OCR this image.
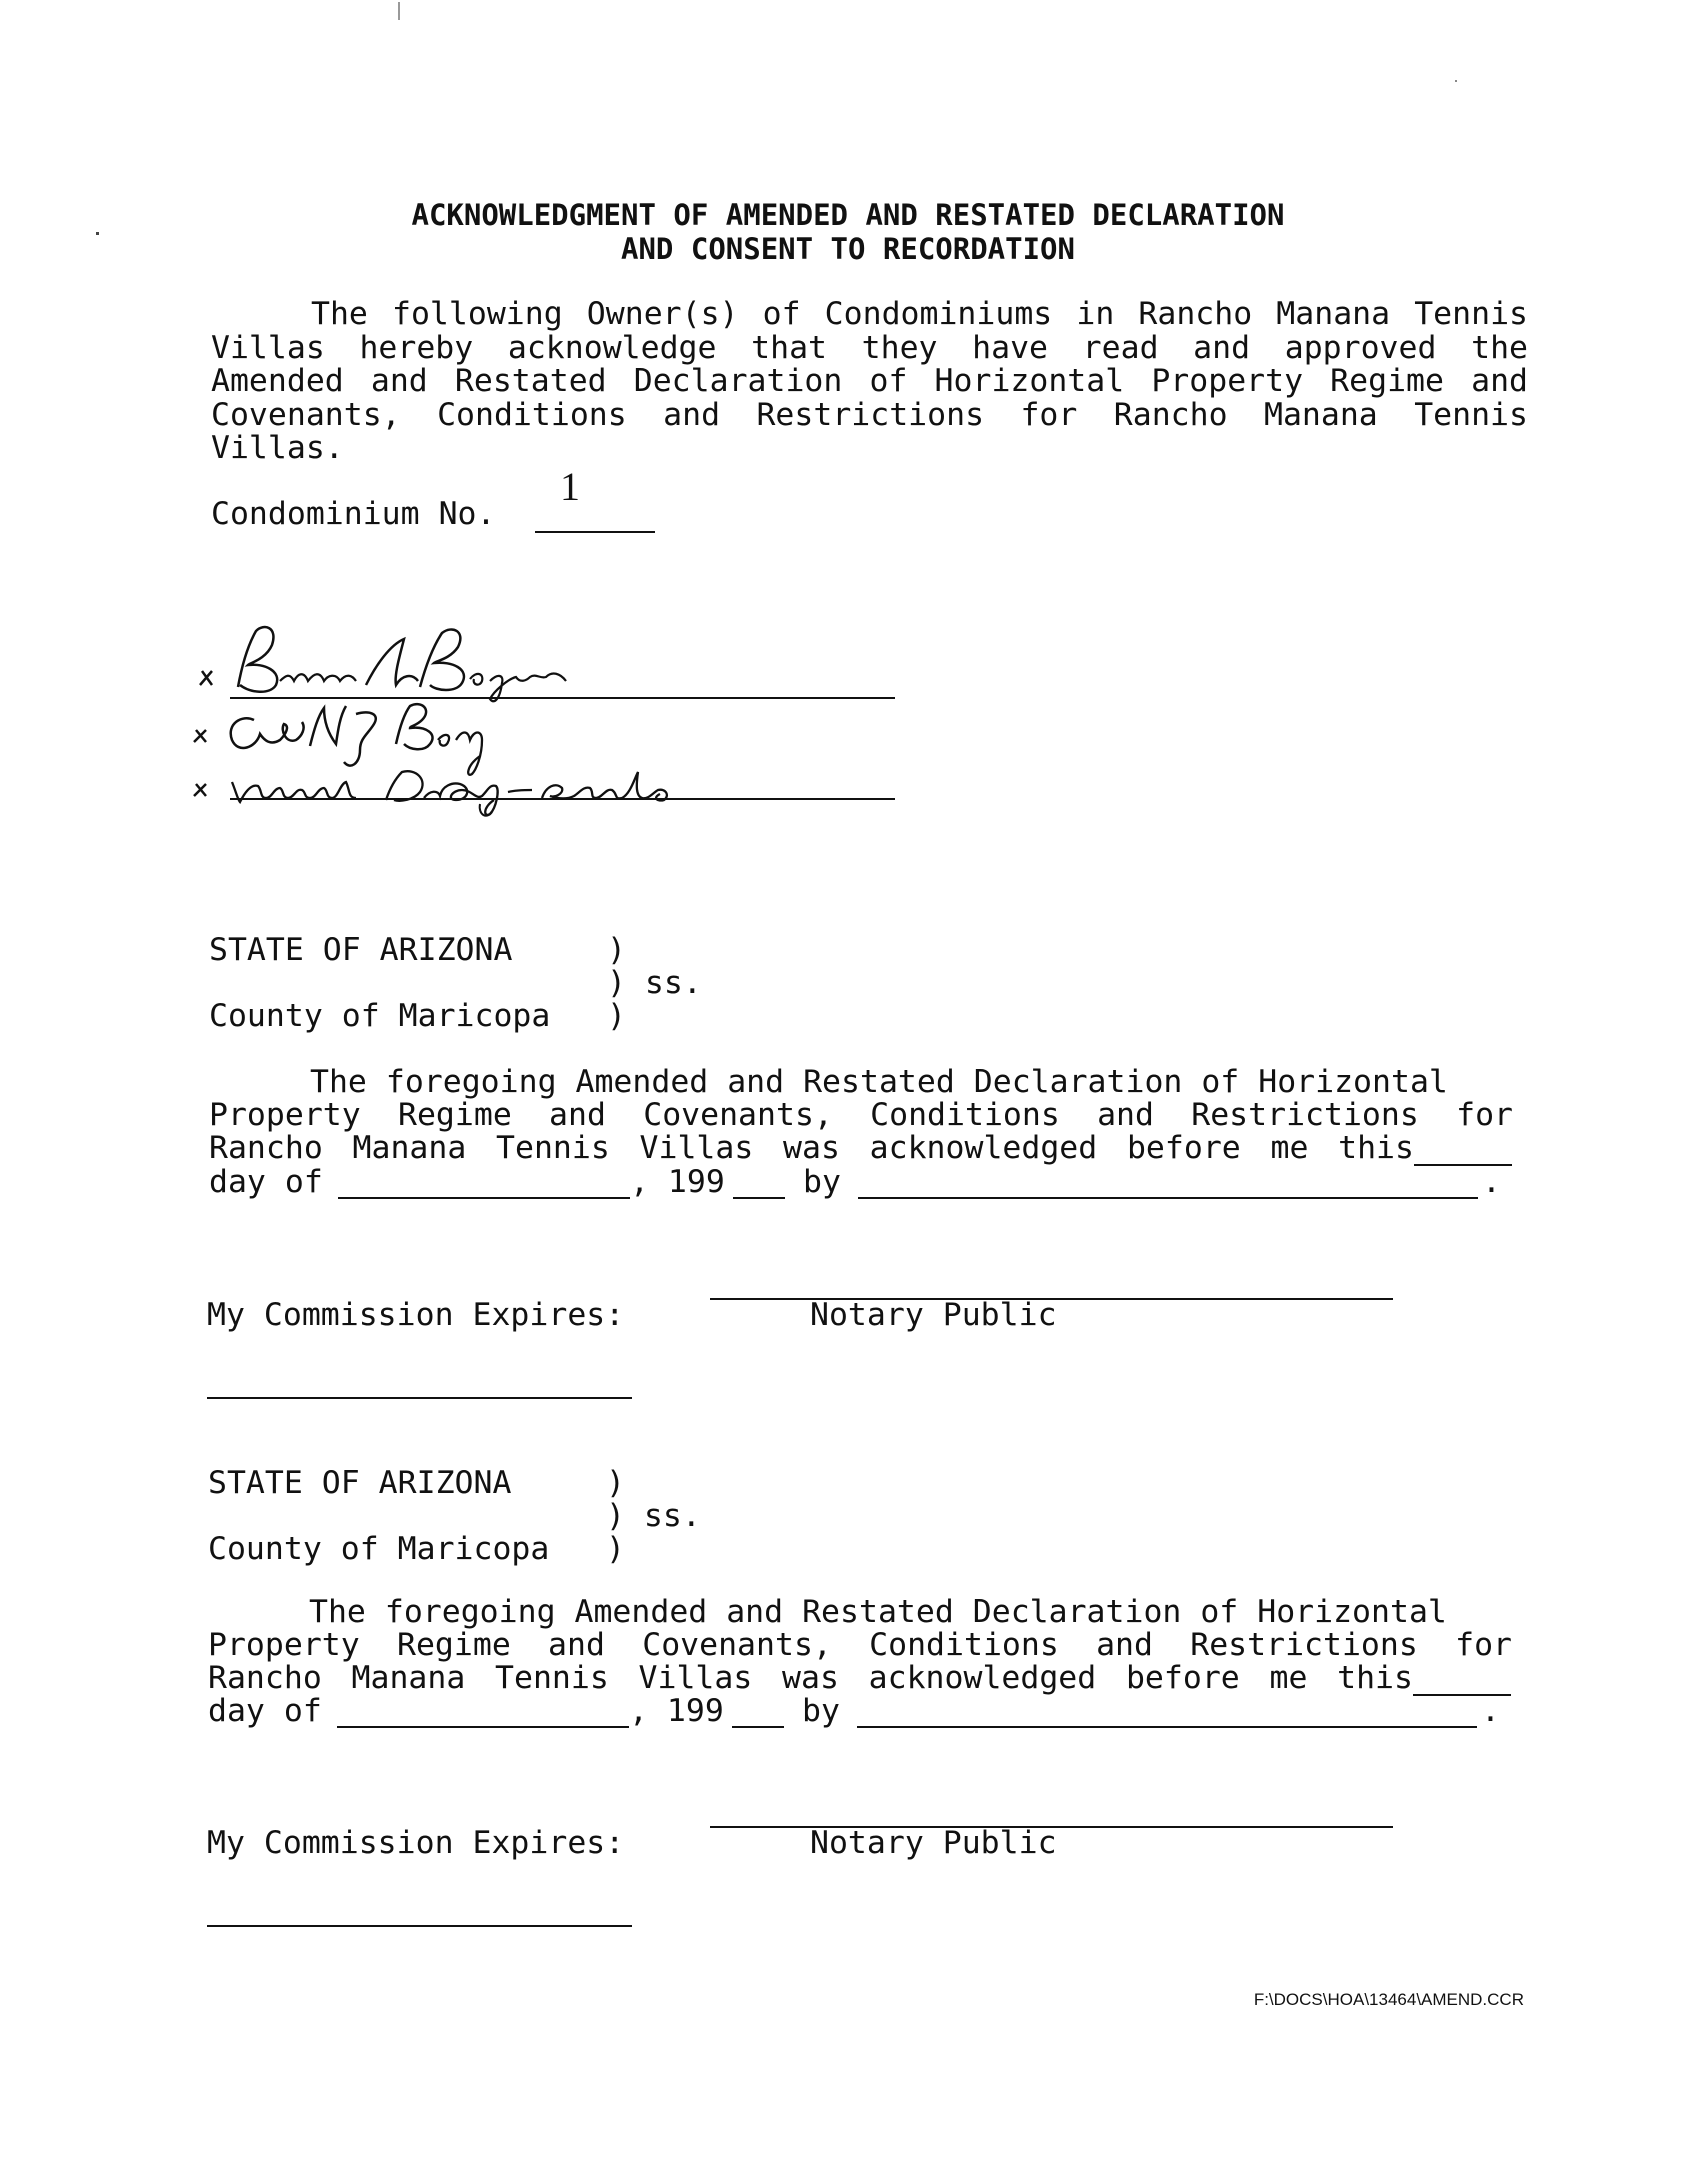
ACKNOWLEDGMENT OF AMENDED AND RESTATED DECLARATION
AND CONSENT TO RECORDATION
The following Owner(s) of Condominiums in Rancho Manana Tennis Villas hereby acknowledge that they have read and approved the Amended and Restated Declaration of Horizontal Property Regime and Covenants, Conditions and Restrictions for Rancho Manana Tennis Villas.
Condominium No.
1
STATE OF ARIZONA	)
) ss.
County of Maricopa )
The foregoing Amended and Restated Declaration of Horizontal
Property Regime and Covenants, Conditions and Restrictions for
Rancho Manana Tennis Villas was acknowledged before me this
day of	, 199 by	.
My Commission Expires:	Notary Public
STATE OF ARIZONA	)
) ss.
County of Maricopa )
The foregoing Amended and Restated Declaration of Horizontal
Property Regime and Covenants, Conditions and Restrictions for
Rancho Manana Tennis Villas was acknowledged before me this
day of	, 199 by	.
My Commission Expires:	Notary Public
F:\DOCS\HOA\13464\AMEND.CCR
